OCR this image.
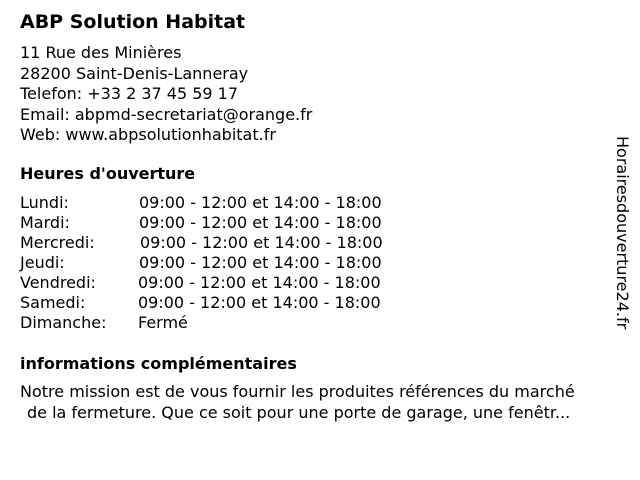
ABP Solution Habitat
11 Rue des Minières
28200 Saint-Denis-Lanneray
Telefon: +33 2 37 45 59 17
Email: abpmd-secretariat@orange.fr
Web: www.abpsolutionhabitat.fr
Heures d'ouverture
Lundi:	09:00 - 12:00 et 14:00 - 18:00
Mardi:	09:00 - 12:00 et 14:00 - 18:00
Mercredi:	09:00 - 12:00 et 14:00 - 18:00
Jeudi:	09:00 - 12:00 et 14:00 - 18:00
Vendredi:	09:00 - 12:00 et 14:00 - 18:00
Samedi:	09:00 - 12:00 et 14:00 - 18:00
Dimanche: Fermé
informations complémentaires
Notre mission est de vous fournir les produites références du marché
de la fermeture. Que ce soit pour une porte de garage, une fenêtr...
Horairesdouverture24.fr
